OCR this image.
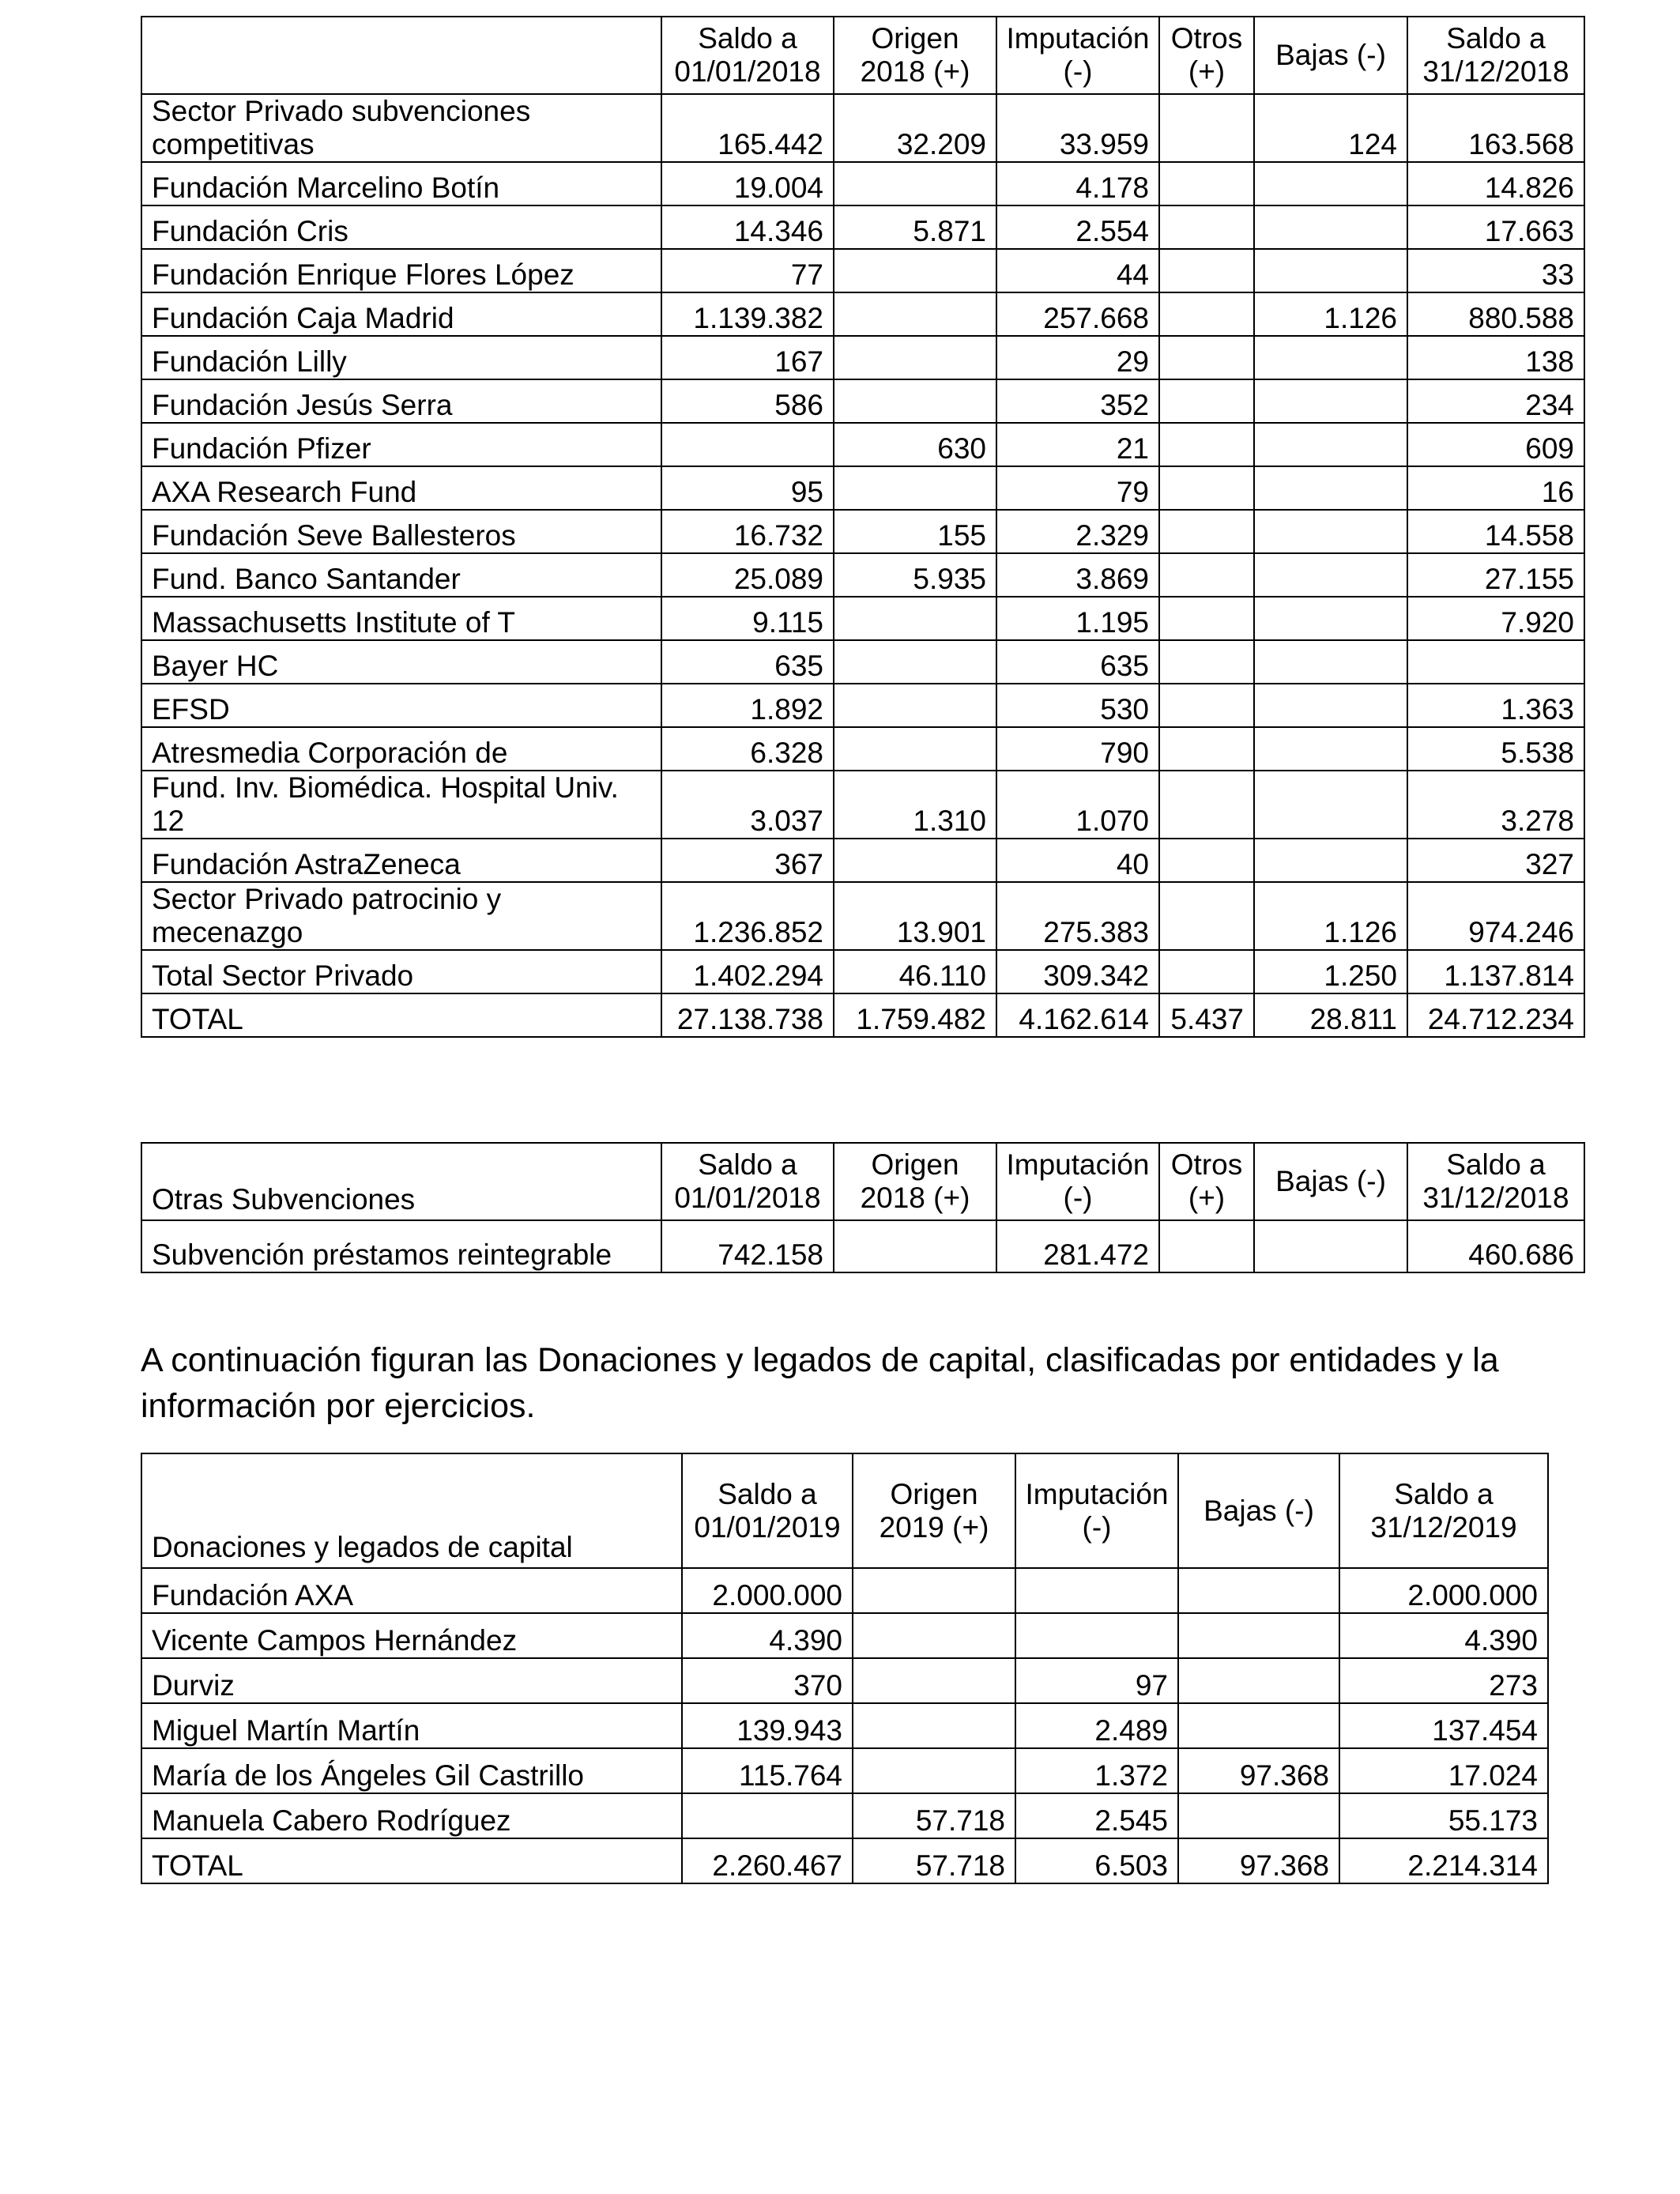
	Saldo a 01/01/2018	Origen 2018 (+)	Imputación (-)	Otros (+)	Bajas (-)	Saldo a 31/12/2018
Sector Privado subvenciones competitivas	165.442	32.209	33.959		124	163.568
Fundación Marcelino Botín	19.004		4.178			14.826
Fundación Cris	14.346	5.871	2.554			17.663
Fundación Enrique Flores López	77		44			33
Fundación Caja Madrid	1.139.382		257.668		1.126	880.588
Fundación Lilly	167		29			138
Fundación Jesús Serra	586		352			234
Fundación Pfizer		630	21			609
AXA Research Fund	95		79			16
Fundación Seve Ballesteros	16.732	155	2.329			14.558
Fund. Banco Santander	25.089	5.935	3.869			27.155
Massachusetts Institute of T	9.115		1.195			7.920
Bayer HC	635		635			
EFSD	1.892		530			1.363
Atresmedia Corporación de	6.328		790			5.538
Fund. Inv. Biomédica. Hospital Univ. 12	3.037	1.310	1.070			3.278
Fundación AstraZeneca	367		40			327
Sector Privado patrocinio y mecenazgo	1.236.852	13.901	275.383		1.126	974.246
Total Sector Privado	1.402.294	46.110	309.342		1.250	1.137.814
TOTAL	27.138.738	1.759.482	4.162.614	5.437	28.811	24.712.234
Otras Subvenciones	Saldo a 01/01/2018	Origen 2018 (+)	Imputación (-)	Otros (+)	Bajas (-)	Saldo a 31/12/2018
Subvención préstamos reintegrable	742.158		281.472			460.686

A continuación figuran las Donaciones y legados de capital, clasificadas por entidades y la información por ejercicios.

Donaciones y legados de capital	Saldo a 01/01/2019	Origen 2019 (+)	Imputación (-)	Bajas (-)	Saldo a 31/12/2019
Fundación AXA	2.000.000				2.000.000
Vicente Campos Hernández	4.390				4.390
Durviz	370		97		273
Miguel Martín Martín	139.943		2.489		137.454
María de los Ángeles Gil Castrillo	115.764		1.372	97.368	17.024
Manuela Cabero Rodríguez		57.718	2.545		55.173
TOTAL	2.260.467	57.718	6.503	97.368	2.214.314
